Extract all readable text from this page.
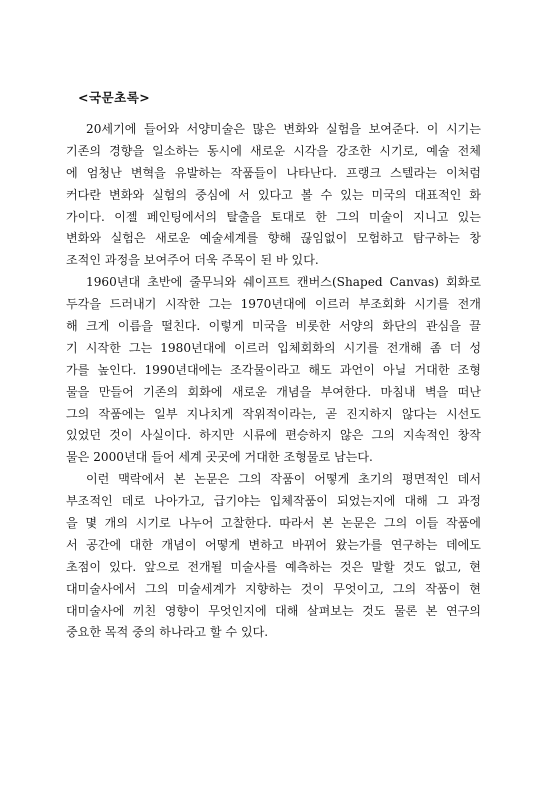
<국문초록>
20세기에 들어와 서양미술은 많은 변화와 실험을 보여준다. 이 시기는
기존의 경향을 일소하는 동시에 새로운 시각을 강조한 시기로, 예술 전체
에 엄청난 변혁을 유발하는 작품들이 나타난다. 프랭크 스텔라는 이처럼
커다란 변화와 실험의 중심에 서 있다고 볼 수 있는 미국의 대표적인 화
가이다. 이젤 페인팅에서의 탈출을 토대로 한 그의 미술이 지니고 있는
변화와 실험은 새로운 예술세계를 향해 끊임없이 모험하고 탐구하는 창
조적인 과정을 보여주어 더욱 주목이 된 바 있다.
1960년대 초반에 줄무늬와 쉐이프트 캔버스(Shaped Canvas) 회화로
두각을 드러내기 시작한 그는 1970년대에 이르러 부조회화 시기를 전개
해 크게 이름을 떨친다. 이렇게 미국을 비롯한 서양의 화단의 관심을 끌
기 시작한 그는 1980년대에 이르러 입체회화의 시기를 전개해 좀 더 성
가를 높인다. 1990년대에는 조각물이라고 해도 과언이 아닐 거대한 조형
물을 만들어 기존의 회화에 새로운 개념을 부여한다. 마침내 벽을 떠난
그의 작품에는 일부 지나치게 작위적이라는, 곧 진지하지 않다는 시선도
있었던 것이 사실이다. 하지만 시류에 편승하지 않은 그의 지속적인 창작
물은 2000년대 들어 세계 곳곳에 거대한 조형물로 남는다.
이런 맥락에서 본 논문은 그의 작품이 어떻게 초기의 평면적인 데서
부조적인 데로 나아가고, 급기야는 입체작품이 되었는지에 대해 그 과정
을 몇 개의 시기로 나누어 고찰한다. 따라서 본 논문은 그의 이들 작품에
서 공간에 대한 개념이 어떻게 변하고 바뀌어 왔는가를 연구하는 데에도
초점이 있다. 앞으로 전개될 미술사를 예측하는 것은 말할 것도 없고, 현
대미술사에서 그의 미술세계가 지향하는 것이 무엇이고, 그의 작품이 현
대미술사에 끼친 영향이 무엇인지에 대해 살펴보는 것도 물론 본 연구의
중요한 목적 중의 하나라고 할 수 있다.
